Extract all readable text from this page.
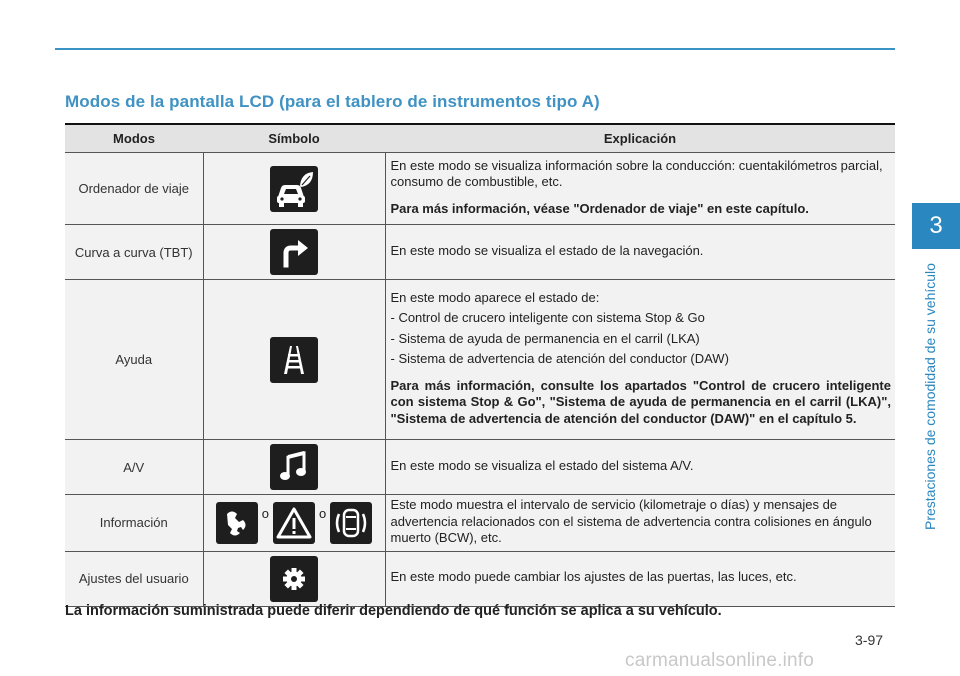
Modos de la pantalla LCD (para el tablero de instrumentos tipo A)
3
Prestaciones de comodidad de su vehículo
Modos	Símbolo	Explicación
Ordenador de viaje		En este modo se visualiza información sobre la conducción: cuentakilómetros parcial, consumo de combustible, etc.

Para más información, véase "Ordenador de viaje" en este capítulo.

Curva a curva (TBT)		En este modo se visualiza el estado de la navegación.

Ayuda		En este modo aparece el estado de:

- Control de crucero inteligente con sistema Stop & Go

- Sistema de ayuda de permanencia en el carril (LKA)

- Sistema de advertencia de atención del conductor (DAW)

Para más información, consulte los apartados "Control de crucero inteligente con sistema Stop & Go", "Sistema de ayuda de permanencia en el carril (LKA)", "Sistema de advertencia de atención del conductor (DAW)" en el capítulo 5.

A/V		En este modo se visualiza el estado del sistema A/V.

Información	o o	Este modo muestra el intervalo de servicio (kilometraje o días) y mensajes de advertencia relacionados con el sistema de advertencia contra colisiones en ángulo muerto (BCW), etc.

Ajustes del usuario		En este modo puede cambiar los ajustes de las puertas, las luces, etc.

La información suministrada puede diferir dependiendo de qué función se aplica a su vehículo.
3-97
carmanualsonline.info
